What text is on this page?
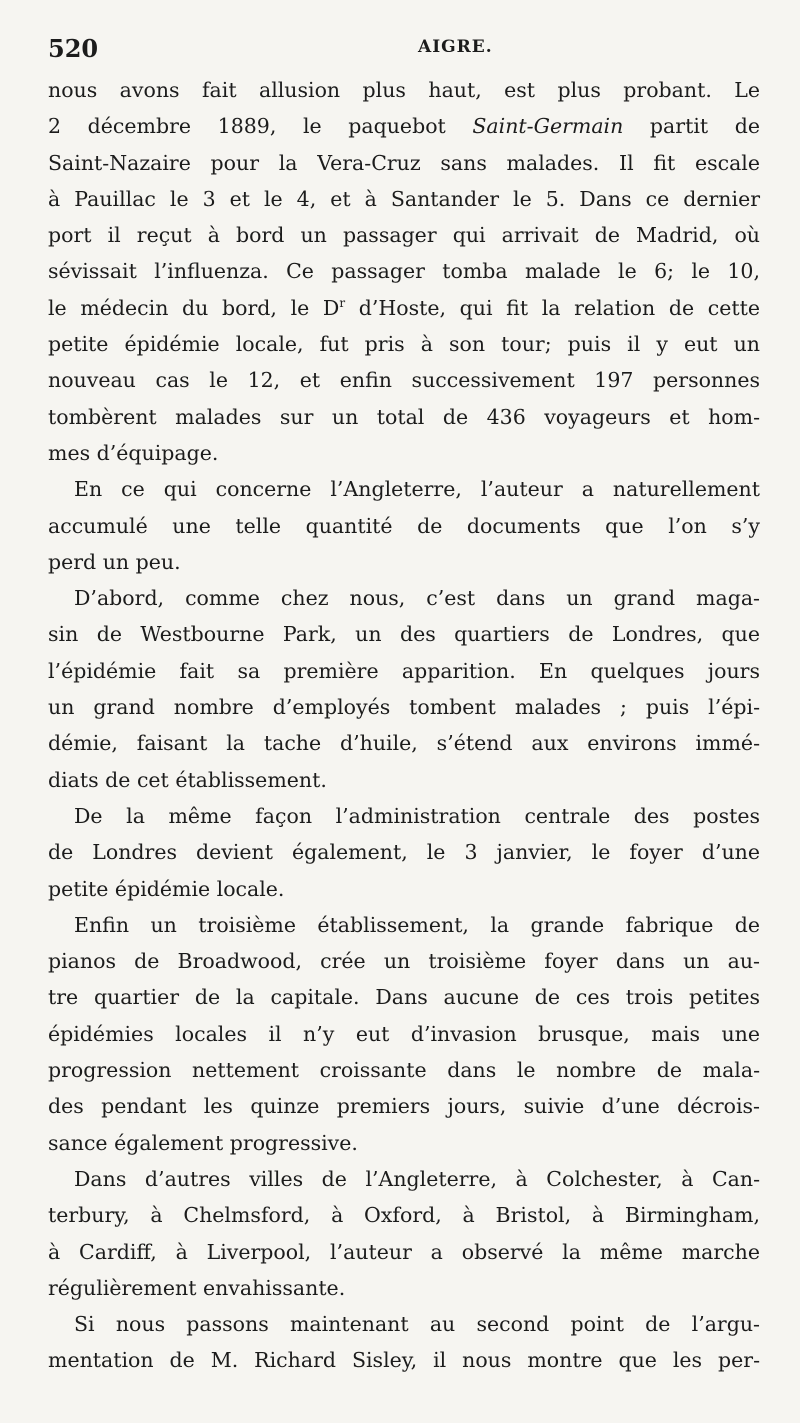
520	AIGRE.
nous avons fait allusion plus haut, est plus probant. Le
2 décembre 1889, le paquebot Saint-Germain partit de
Saint-Nazaire pour la Vera-Cruz sans malades. Il fit escale
à Pauillac le 3 et le 4, et à Santander le 5. Dans ce dernier
port il reçut à bord un passager qui arrivait de Madrid, où
sévissait l’influenza. Ce passager tomba malade le 6; le 10,
le médecin du bord, le $D^r$ d’Hoste, qui fit la relation de cette
petite épidémie locale, fut pris à son tour; puis il y eut un
nouveau cas le 12, et enfin successivement 197 personnes
tombèrent malades sur un total de 436 voyageurs et hom-
mes d’équipage.
En ce qui concerne l’Angleterre, l’auteur a naturellement
accumulé une telle quantité de documents que l’on s’y
perd un peu.
D’abord, comme chez nous, c’est dans un grand maga-
sin de Westbourne Park, un des quartiers de Londres, que
l’épidémie fait sa première apparition. En quelques jours
un grand nombre d’employés tombent malades ; puis l’épi-
démie, faisant la tache d’huile, s’étend aux environs immé-
diats de cet établissement.
De la même façon l’administration centrale des postes
de Londres devient également, le 3 janvier, le foyer d’une
petite épidémie locale.
Enfin un troisième établissement, la grande fabrique de
pianos de Broadwood, crée un troisième foyer dans un au-
tre quartier de la capitale. Dans aucune de ces trois petites
épidémies locales il n’y eut d’invasion brusque, mais une
progression nettement croissante dans le nombre de mala-
des pendant les quinze premiers jours, suivie d’une décrois-
sance également progressive.
Dans d’autres villes de l’Angleterre, à Colchester, à Can-
terbury, à Chelmsford, à Oxford, à Bristol, à Birmingham,
à Cardiff, à Liverpool, l’auteur a observé la même marche
régulièrement envahissante.
Si nous passons maintenant au second point de l’argu-
mentation de M. Richard Sisley, il nous montre que les per-
